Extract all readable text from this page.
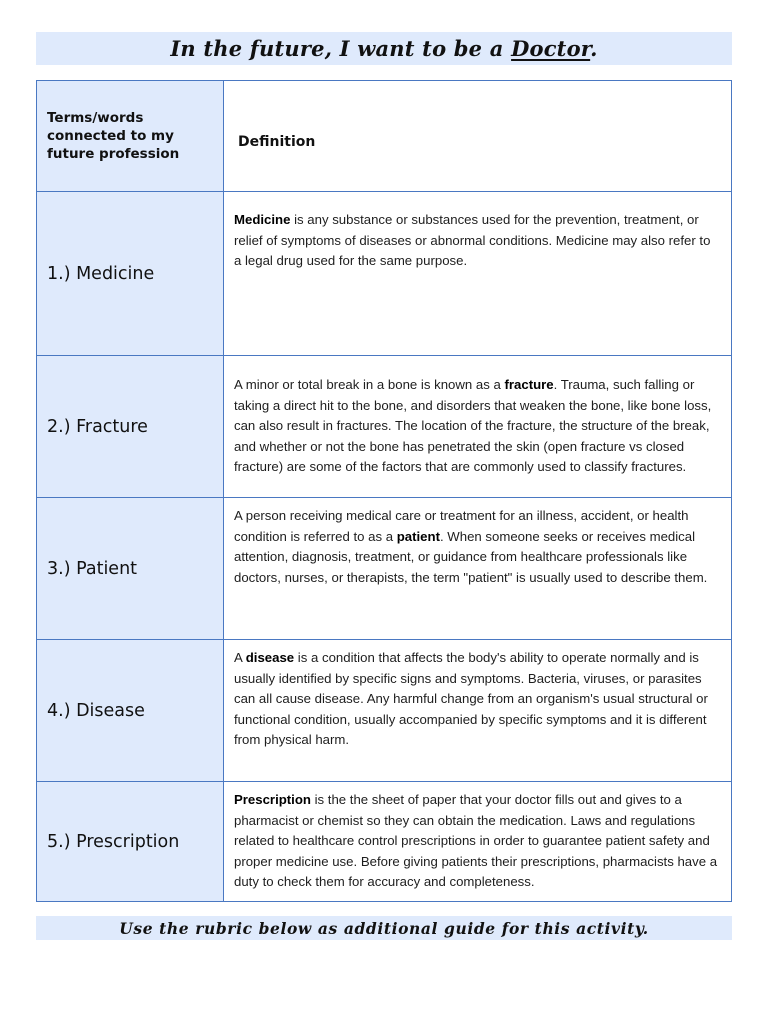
In the future, I want to be a Doctor.
Terms/words connected to my future profession	Definition

1.) Medicine	Medicine is any substance or substances used for the prevention, treatment, or relief of symptoms of diseases or abnormal conditions. Medicine may also refer to a legal drug used for the same purpose.

2.) Fracture	A minor or total break in a bone is known as a fracture. Trauma, such falling or taking a direct hit to the bone, and disorders that weaken the bone, like bone loss, can also result in fractures. The location of the fracture, the structure of the break, and whether or not the bone has penetrated the skin (open fracture vs closed fracture) are some of the factors that are commonly used to classify fractures.

3.) Patient	A person receiving medical care or treatment for an illness, accident, or health condition is referred to as a patient. When someone seeks or receives medical attention, diagnosis, treatment, or guidance from healthcare professionals like doctors, nurses, or therapists, the term "patient" is usually used to describe them.

4.) Disease	A disease is a condition that affects the body's ability to operate normally and is usually identified by specific signs and symptoms. Bacteria, viruses, or parasites can all cause disease. Any harmful change from an organism's usual structural or functional condition, usually accompanied by specific symptoms and it is different from physical harm.

5.) Prescription	Prescription is the the sheet of paper that your doctor fills out and gives to a pharmacist or chemist so they can obtain the medication. Laws and regulations related to healthcare control prescriptions in order to guarantee patient safety and proper medicine use. Before giving patients their prescriptions, pharmacists have a duty to check them for accuracy and completeness.
Use the rubric below as additional guide for this activity.
